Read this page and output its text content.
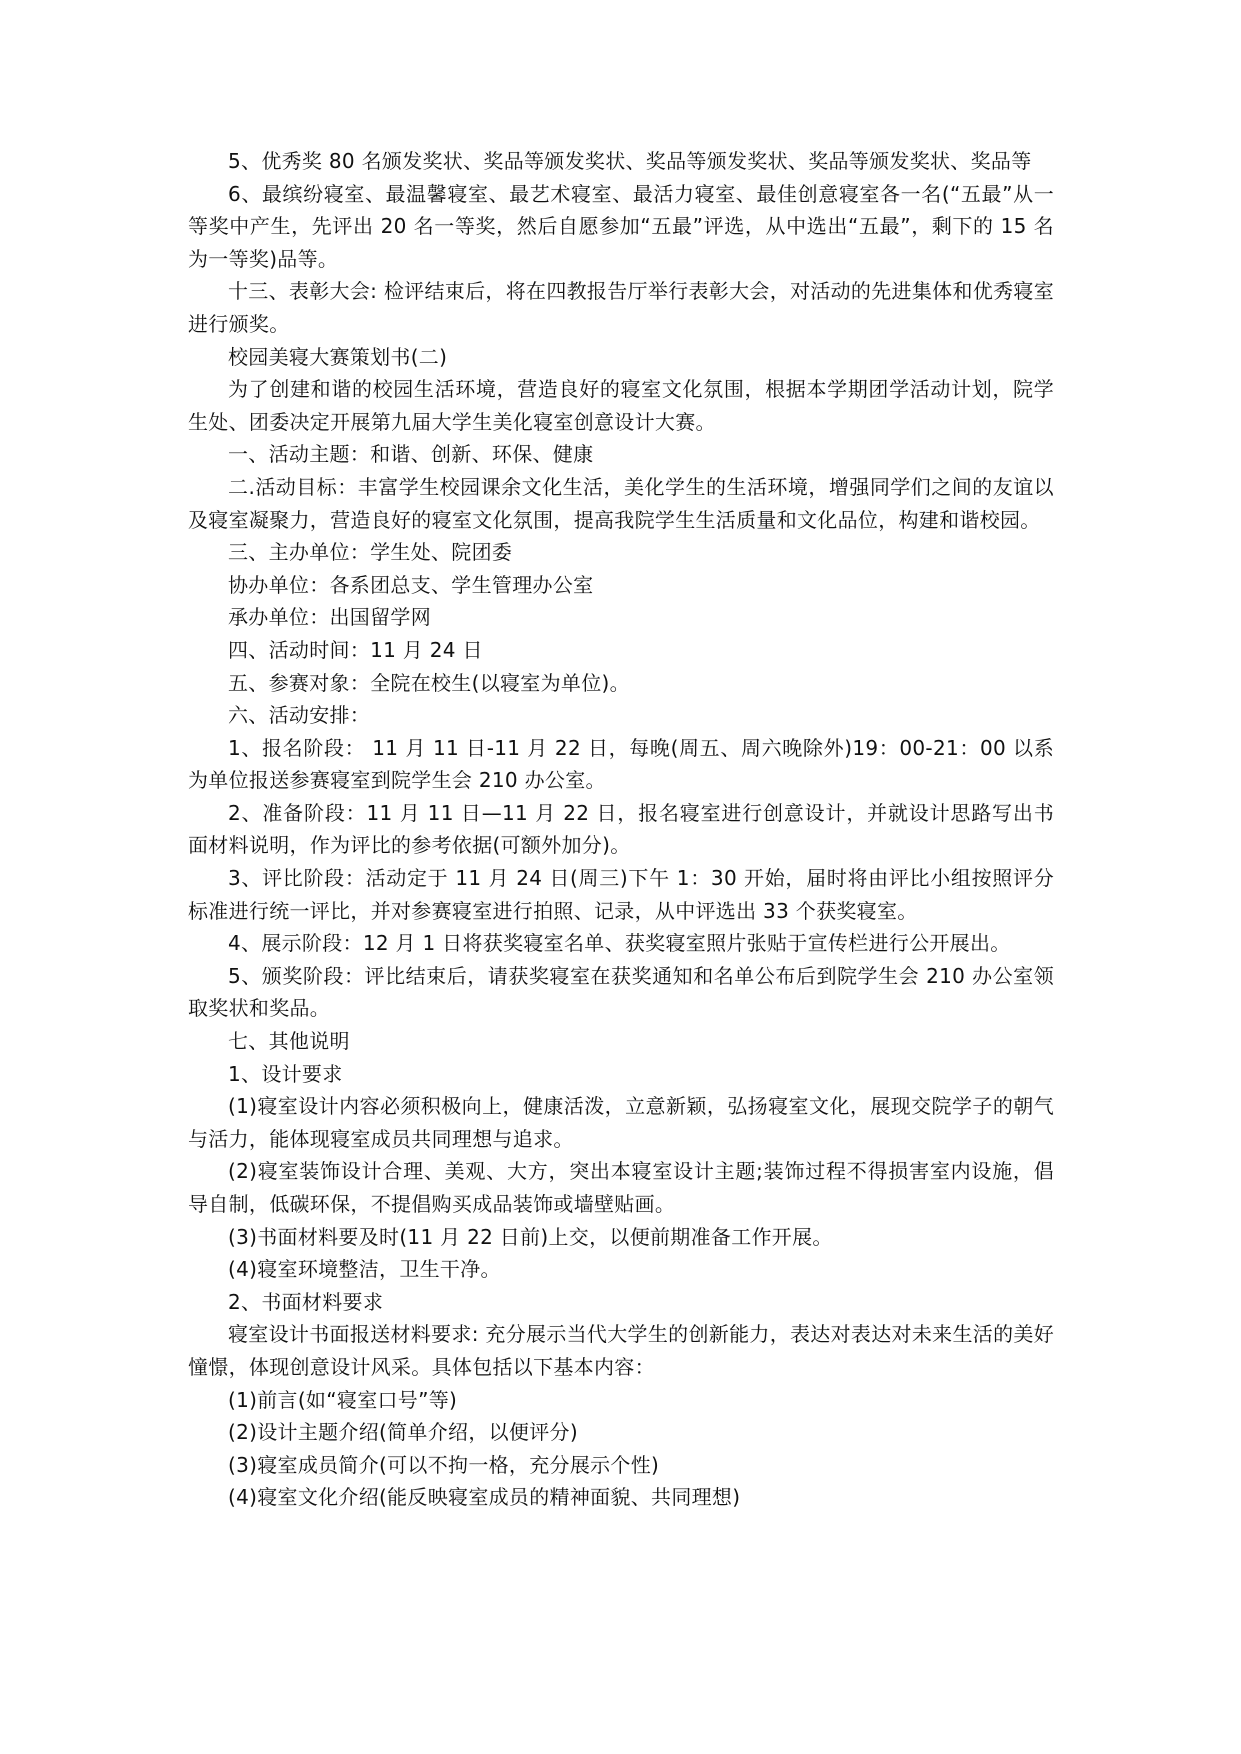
5、优秀奖 80 名颁发奖状、奖品等颁发奖状、奖品等颁发奖状、奖品等颁发奖状、奖品等

6、最缤纷寝室、最温馨寝室、最艺术寝室、最活力寝室、最佳创意寝室各一名(“五最”从一等奖中产生，先评出 20 名一等奖，然后自愿参加“五最”评选，从中选出“五最”，剩下的 15 名为一等奖)品等。

十三、表彰大会: 检评结束后，将在四教报告厅举行表彰大会，对活动的先进集体和优秀寝室进行颁奖。

校园美寝大赛策划书(二)

为了创建和谐的校园生活环境，营造良好的寝室文化氛围，根据本学期团学活动计划，院学生处、团委决定开展第九届大学生美化寝室创意设计大赛。

一、活动主题：和谐、创新、环保、健康

二.活动目标：丰富学生校园课余文化生活，美化学生的生活环境，增强同学们之间的友谊以及寝室凝聚力，营造良好的寝室文化氛围，提高我院学生生活质量和文化品位，构建和谐校园。

三、主办单位：学生处、院团委

协办单位：各系团总支、学生管理办公室

承办单位：出国留学网

四、活动时间：11 月 24 日

五、参赛对象：全院在校生(以寝室为单位)。

六、活动安排：

1、报名阶段： 11 月 11 日-11 月 22 日，每晚(周五、周六晚除外)19：00-21：00 以系为单位报送参赛寝室到院学生会 210 办公室。

2、准备阶段：11 月 11 日—11 月 22 日，报名寝室进行创意设计，并就设计思路写出书面材料说明，作为评比的参考依据(可额外加分)。

3、评比阶段：活动定于 11 月 24 日(周三)下午 1：30 开始，届时将由评比小组按照评分标准进行统一评比，并对参赛寝室进行拍照、记录，从中评选出 33 个获奖寝室。

4、展示阶段：12 月 1 日将获奖寝室名单、获奖寝室照片张贴于宣传栏进行公开展出。

5、颁奖阶段：评比结束后，请获奖寝室在获奖通知和名单公布后到院学生会 210 办公室领取奖状和奖品。

七、其他说明

1、设计要求

(1)寝室设计内容必须积极向上，健康活泼，立意新颖，弘扬寝室文化，展现交院学子的朝气与活力，能体现寝室成员共同理想与追求。

(2)寝室装饰设计合理、美观、大方，突出本寝室设计主题;装饰过程不得损害室内设施，倡导自制，低碳环保，不提倡购买成品装饰或墙壁贴画。

(3)书面材料要及时(11 月 22 日前)上交，以便前期准备工作开展。

(4)寝室环境整洁，卫生干净。

2、书面材料要求

寝室设计书面报送材料要求: 充分展示当代大学生的创新能力，表达对表达对未来生活的美好憧憬，体现创意设计风采。具体包括以下基本内容：

(1)前言(如“寝室口号”等)

(2)设计主题介绍(简单介绍，以便评分)

(3)寝室成员简介(可以不拘一格，充分展示个性)

(4)寝室文化介绍(能反映寝室成员的精神面貌、共同理想)
